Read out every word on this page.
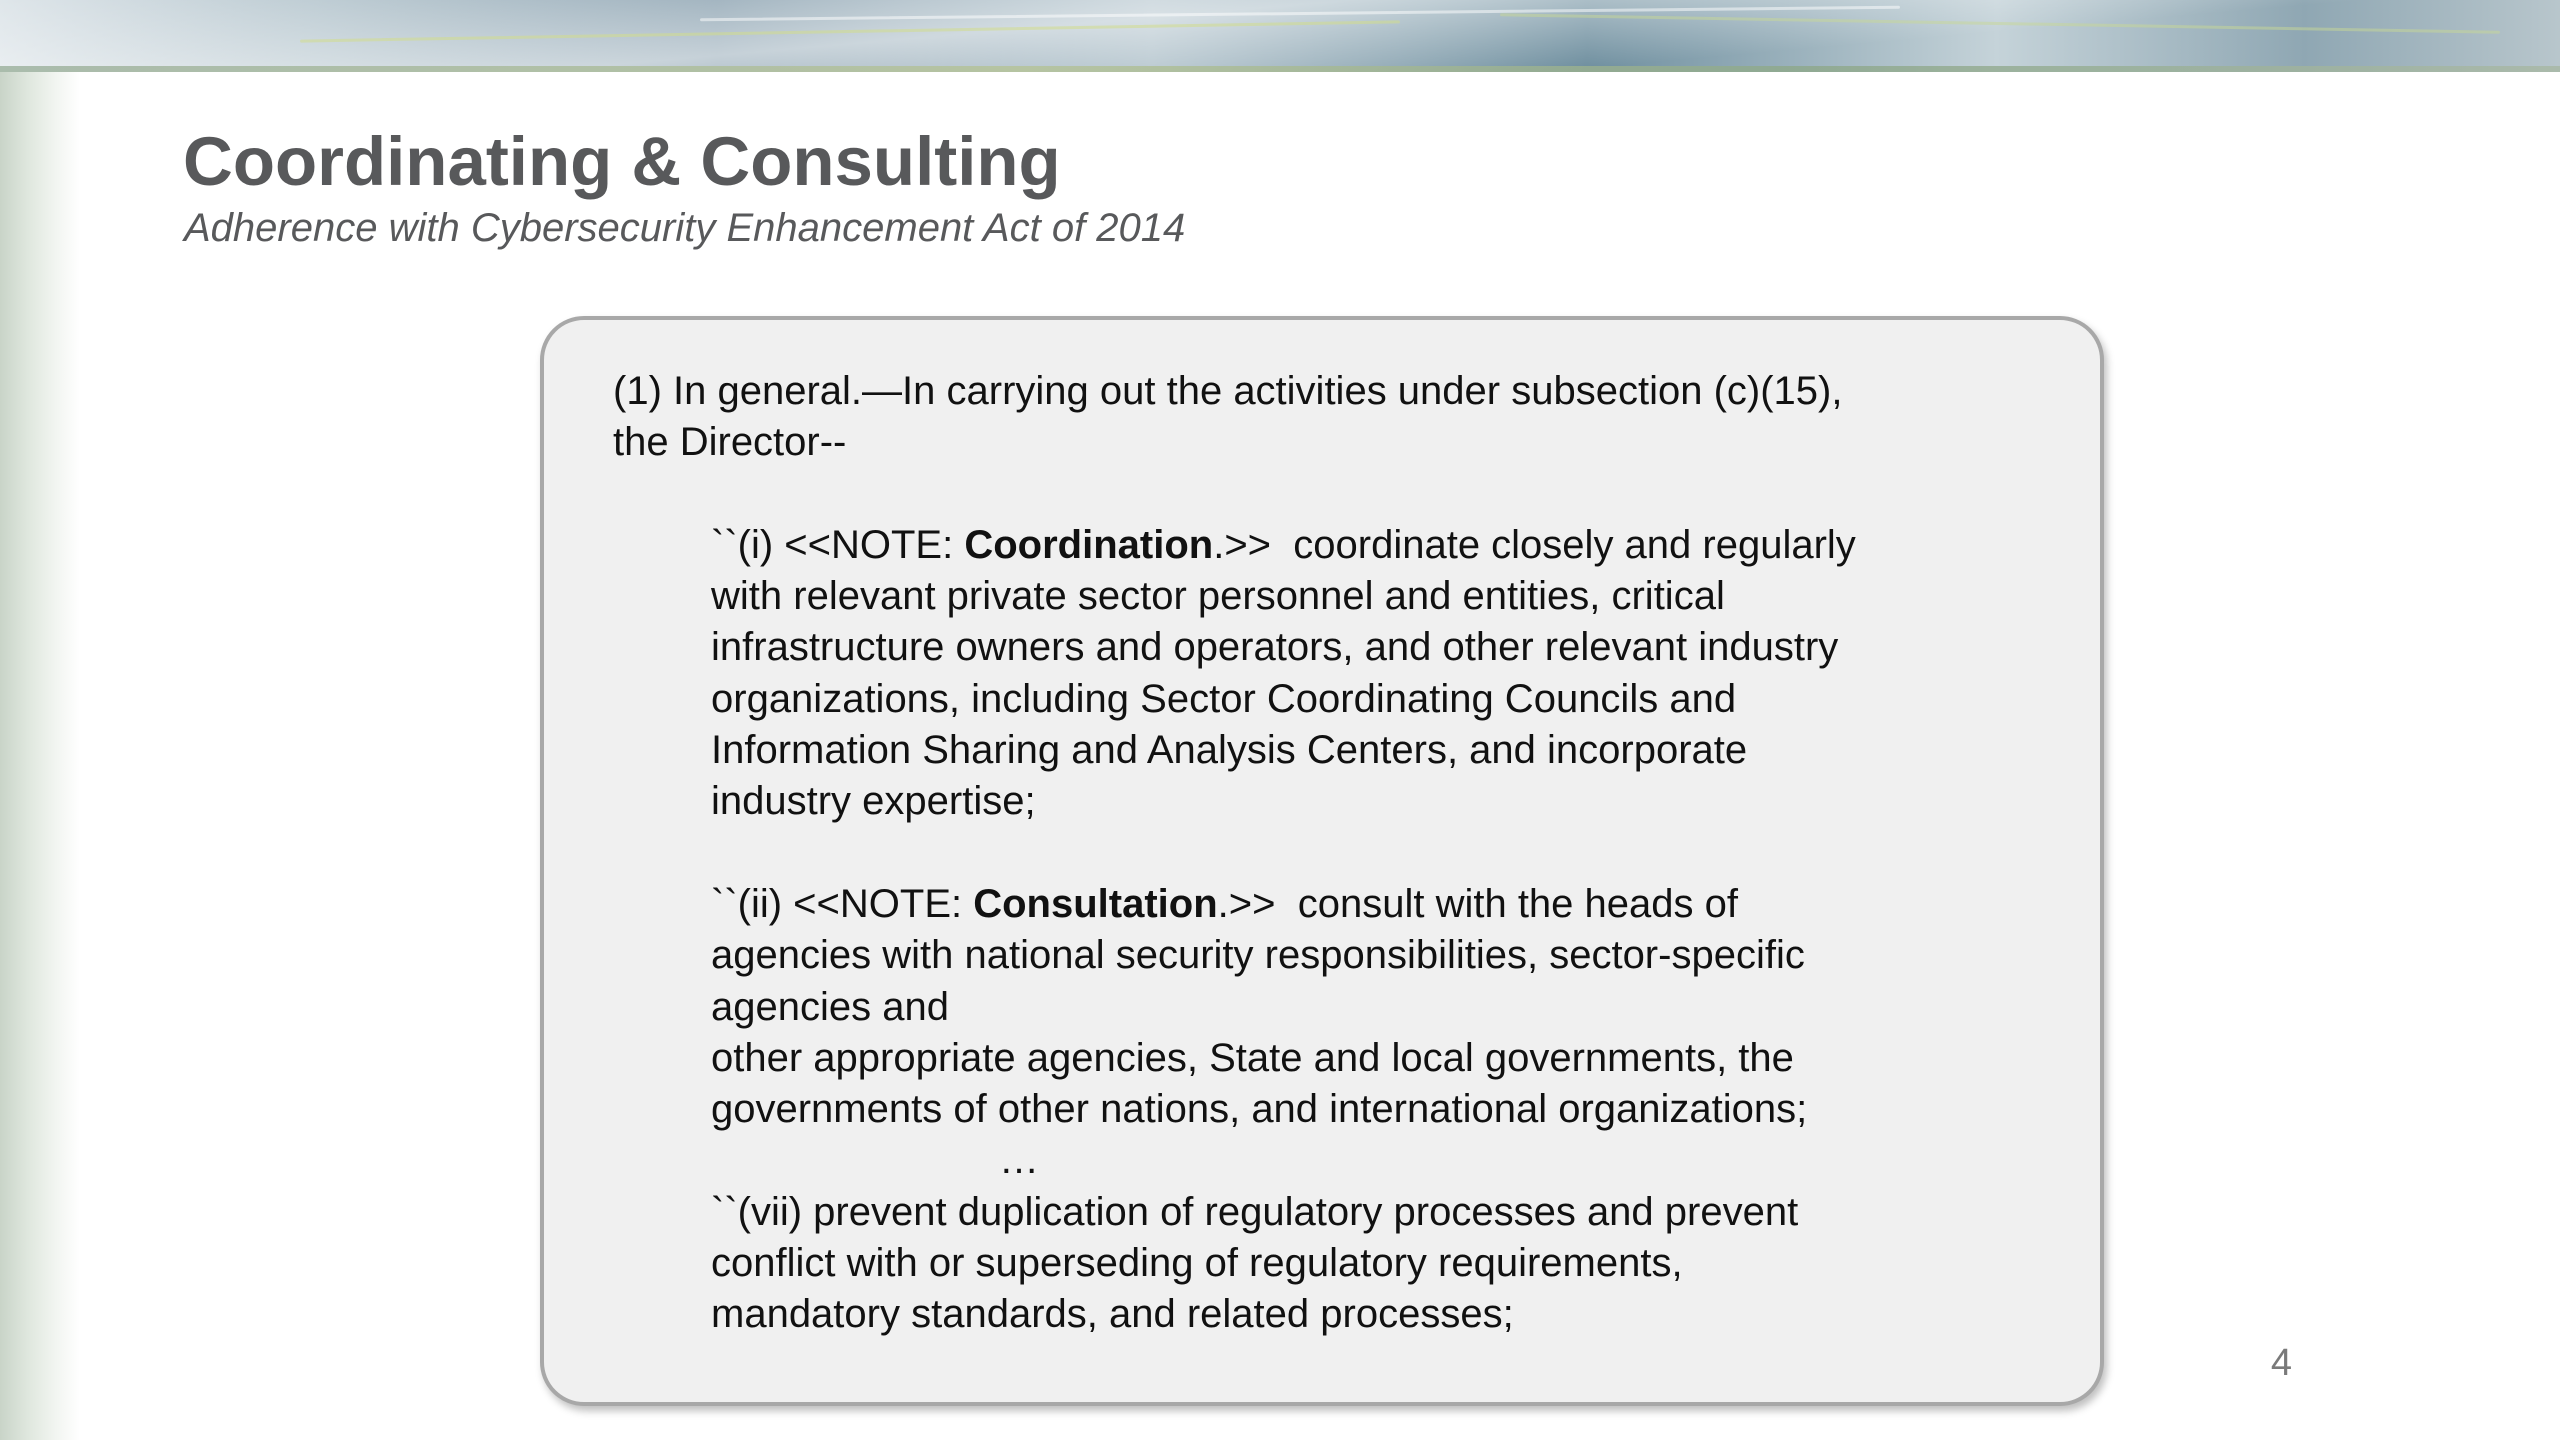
Coordinating & Consulting

Adherence with Cybersecurity Enhancement Act of 2014

(1) In general.—In carrying out the activities under subsection (c)(15),
the Director--
``(i) <<NOTE: Coordination.>>  coordinate closely and regularly
with relevant private sector personnel and entities, critical
infrastructure owners and operators, and other relevant industry
organizations, including Sector Coordinating Councils and
Information Sharing and Analysis Centers, and incorporate
industry expertise;
``(ii) <<NOTE: Consultation.>>  consult with the heads of
agencies with national security responsibilities, sector-specific
agencies and
other appropriate agencies, State and local governments, the
governments of other nations, and international organizations;
…
``(vii) prevent duplication of regulatory processes and prevent
conflict with or superseding of regulatory requirements,
mandatory standards, and related processes;
4
